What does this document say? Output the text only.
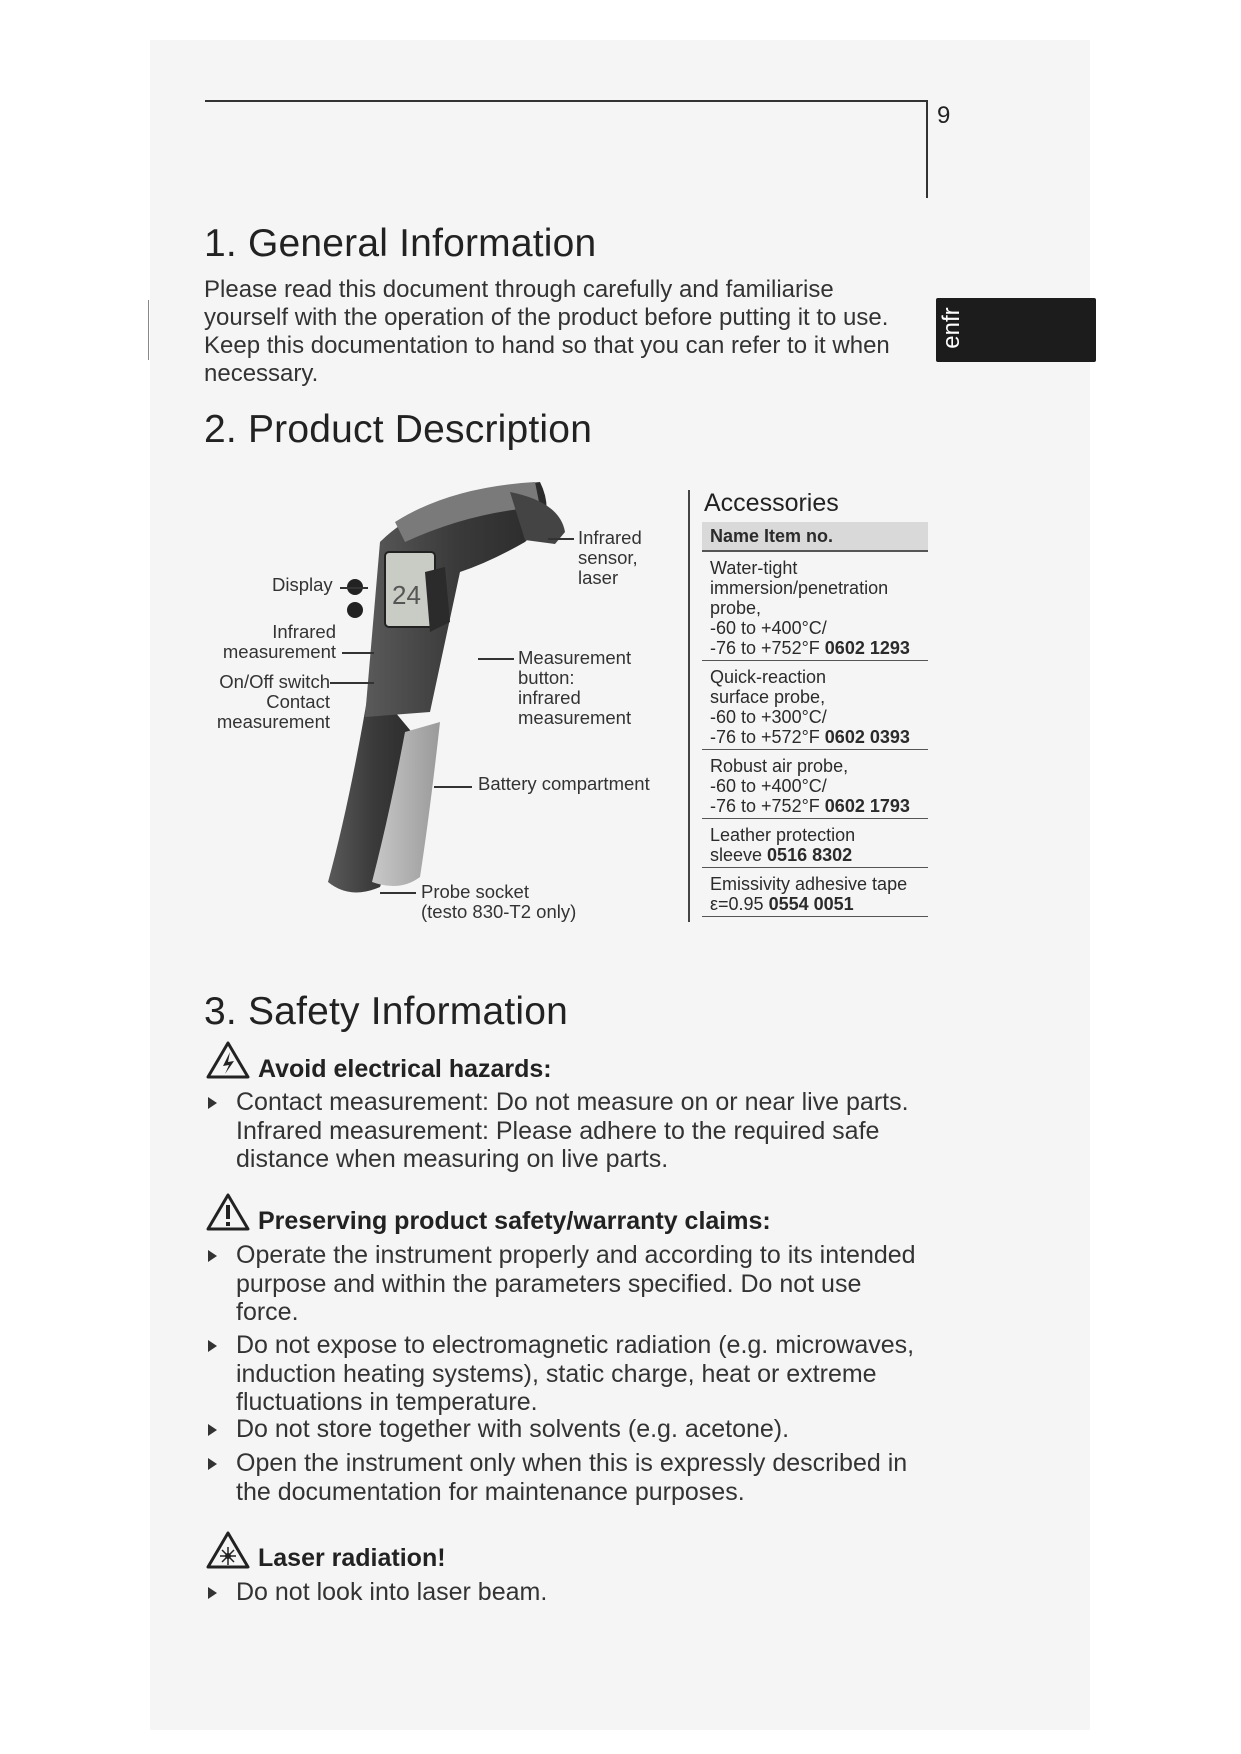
9
enfr
1. General Information
Please read this document through carefully and familiarise
yourself with the operation of the product before putting it to use.
Keep this documentation to hand so that you can refer to it when
necessary.
2. Product Description
24
Display
Infrared
sensor,
laser
Infrared
measurement
On/Off switch
Contact
measurement
Measurement
button:
infrared
measurement
Battery compartment
Probe socket
(testo 830-T2 only)
Accessories
Name Item no.
Water-tight
immersion/penetration
probe,
-60 to +400°C/
-76 to +752°F 0602 1293
Quick-reaction
surface probe,
-60 to +300°C/
-76 to +572°F 0602 0393
Robust air probe,
-60 to +400°C/
-76 to +752°F 0602 1793
Leather protection
sleeve 0516 8302
Emissivity adhesive tape
ε=0.95 0554 0051
3. Safety Information
Avoid electrical hazards:
Contact measurement: Do not measure on or near live parts.
Infrared measurement: Please adhere to the required safe
distance when measuring on live parts.
Preserving product safety/warranty claims:
Operate the instrument properly and according to its intended
purpose and within the parameters specified. Do not use
force.
Do not expose to electromagnetic radiation (e.g. microwaves,
induction heating systems), static charge, heat or extreme
fluctuations in temperature.
Do not store together with solvents (e.g. acetone).
Open the instrument only when this is expressly described in
the documentation for maintenance purposes.
Laser radiation!
Do not look into laser beam.
